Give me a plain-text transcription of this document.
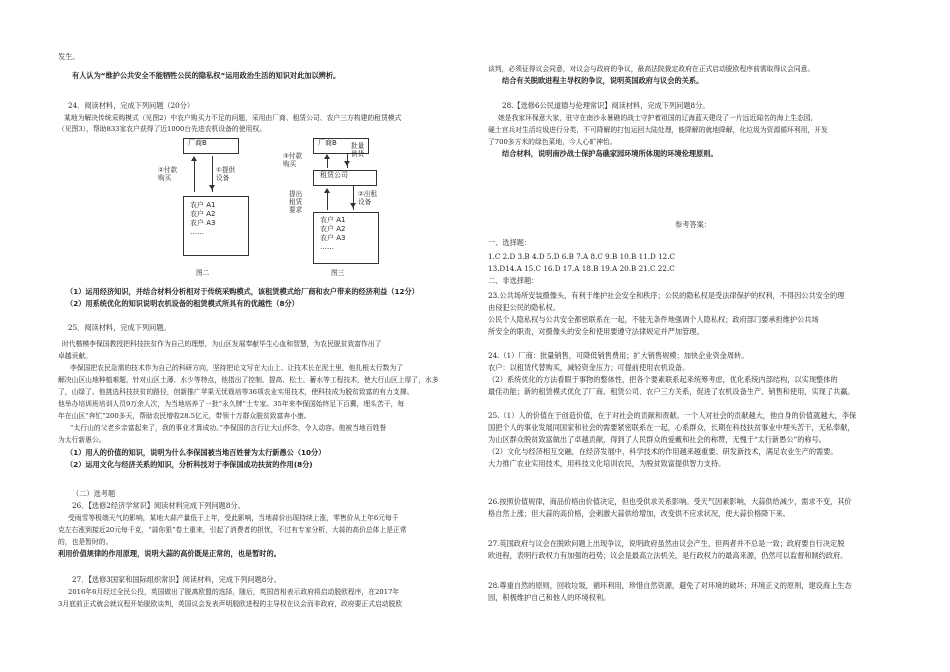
发生。
有人认为“维护公共安全不能牺牲公民的隐私权”运用政治生活的知识对此加以辨析。
24．阅读材料，完成下列问题（20分）
某地为解决传统采购模式（见图2）中农户购买力不足的问题，采用由厂商、租赁公司、农户三方构建的租赁模式
（见图3），帮助833家农户获得了近1000台先进农机设备的使用权。
厂商B
②付款
购买
①提供
设备
农户 A1
农户 A2
农户 A3
……
图二
厂商B
③付款
购买
批量
供货
租赁公司
提出
租赁
要求
②出租
设备
农户 A1
农户 A2
农户 A3
……
图三
（1）运用经济知识，并结合材料分析相对于传统采购模式，该租赁模式给厂商和农户带来的经济利益（12分）
（2）用系统优化的知识说明农机设备的租赁模式所具有的优越性（8分）
25．阅读材料，完成下列问题。
时代楷模李保国教授把科技扶贫作为自己的理想，为山区发展奉献毕生心血和智慧，为农民脱贫致富作出了
卓越贡献。
李保国把农民急需的技术作为自己的科研方向，坚持把论文写在大山上、让技术长在泥土里，他扎根太行数为了
解决山区山地种植难题，针对山区土薄、水少等特点，他指出了控制、提高、松土、蓄水等工程技术，使大行山区上厚了，水多
了，山绿了。他挑选科技扶贫的路径，创新推广苹果无忧栽培等36项农业实用技术，使科技成为脱贫致富的有力支撑。
他举办培训班培训人员9万余人次，为当地培养了一批“永久牌”土专家。35年来李保国始终足下百冀，埋头苦干，每
年在山区“奔忙”200多天，帮助农民增收28.5亿元，带领十万群众脱贫致富奔小康。
“太行山的父老乡亲富起来了，我的事业才算成功。”李保国的言行让大山怀念，令人动容。他被当地百姓誉
为太行新愚公。
（1）用人的价值的知识，说明为什么李保国被当地百姓誉为太行新愚公（10分）
（2）运用文化与经济关系的知识，分析科技对于李保国成功扶贫的作用(8分)
（二）选考题
26．【选修2经济学常识】阅读材料完成下列问题8分。
受雨雪等极端天气的影响，某地大蒜产量低于上年，受此影响，当地蒜价出现持续上涨，零售价从上年6元每千
克左右涨到接近20元每千克，“蒜你狠”卷土重来，引起了消费者的担忧，不过有专家分析，大蒜的高价总体上是正常
的，也是暂时的。
利用价值规律的作用原理，说明大蒜的高价既是正常的，也是暂时的。
27．【选修3国家和国际组织常识】阅读材料，完成下列问题8分。
2016年6月经过全民公投，英国做出了脱离欧盟的选择，随后，英国首相表示政府将启动脱欧程序，在2017年
3月底前正式就会就议程开始脱欧谈判，英国议会发表声明脱欧进程的主导权在议会而非政府，政府要正式启动脱欧
谈判，必须征得议会同意，对议会与政府的争议，最高法院裁定政府在正式启动脱欧程序前需取得议会同意。
结合有关脱欧进程主导权的争议，说明英国政府与议会的关系。
28.【选修6公民道德与伦理常识】阅读材料，完成下列问题8分。
她是我家环保意大家，驻守在南沙永暑礁的战士守护着祖国的辽海蓝天建设了一片远近闻名的海上生态园，
硬土官兵对生活垃圾进行分类，不可降解的打包运回大陆处理，能降解的就地降解，化垃圾为资源循环利用，开发
了700多方米的绿色菜地，今人心旷神怡。
结合材料，说明南沙战士保护岛礁家园环境所体现的环境伦理原则。
参考答案：
一、选择题：
1.C 2.D 3.B 4.D 5.D 6.B 7.A 8.C 9.B 10.B 11.D 12.C
13.D14.A 15.C 16.D 17.A 18.B 19.A 20.B 21.C 22.C
二、非选择题：
23.公共场所安装摄像头，有利于维护社会安全和秩序；公民的隐私权是受法律保护的权利，不得因公共安全的理
由侵犯公民的隐私权。
公民个人隐私权与公共安全都密联系在一起，不能无条件地强调个人隐私权；政府部门要承担维护公共场
所安全的职责，对摄像头的安全和使用要遵守法律规定并严加管理。
24.（1）厂商：批量销售，可降低销售费用；扩大销售规模；加快企业资金周转。
农户：以租赁代替购买，减轻资金压力；可提前使用农机设备。
（2）系统优化的方法看眼于事物的整体性，把各个要素联系起来统筹考虑，优化系统内部结构，以实现整体的
最佳功能；新的租赁模式优化了厂商、租赁公司、农户三方关系，促进了农机设备生产、销售和使用，实现了共赢。
25.（1）人的价值在于创造价值，在于对社会的贡献和责献。一个人对社会的贡献越大，他自身的价值就越大，李保
国把个人的事业发展同国家和社会的需要紧密联系在一起，心系群众，长期在科技扶贫事业中埋头苦干，无私奉献，
为山区群众脱贫致富做出了卓越贡献，得到了人民群众的爱戴和社会的称赞，无愧于“太行新愚公”的称号。
（2）文化与经济相互交融，在经济发展中，科学技术的作用越来越重要。研发新技术，满足农业生产的需要。
大力推广农业实用技术，用科技文化培训农民，为脱贫致富提供智力支持。
26.按照价值规律，商品价格由价值决定，但也受供求关系影响。受天气因素影响，大蒜供给减少，需求不变，其价
格自然上涨；但大蒜的高价格，会刺激大蒜供给增加，改变供不应求状况，使大蒜价格降下来。
27.英国政府与议会在脱欧问题上出现争议，说明政府虽然由议会产生，但两者并不总是一致；政府要自行决定脱
欧进程，表明行政权力有加强的趋势；议会是最高立法机关，是行政权力的最高来源，仍然可以监督和制约政府。
28.尊重自然的原则，回收垃圾，循环利用，珍惜自然资源，避免了对环境的破坏；环境正义的原则，建设海上生态
园，积极维护自己和他人的环境权利。
